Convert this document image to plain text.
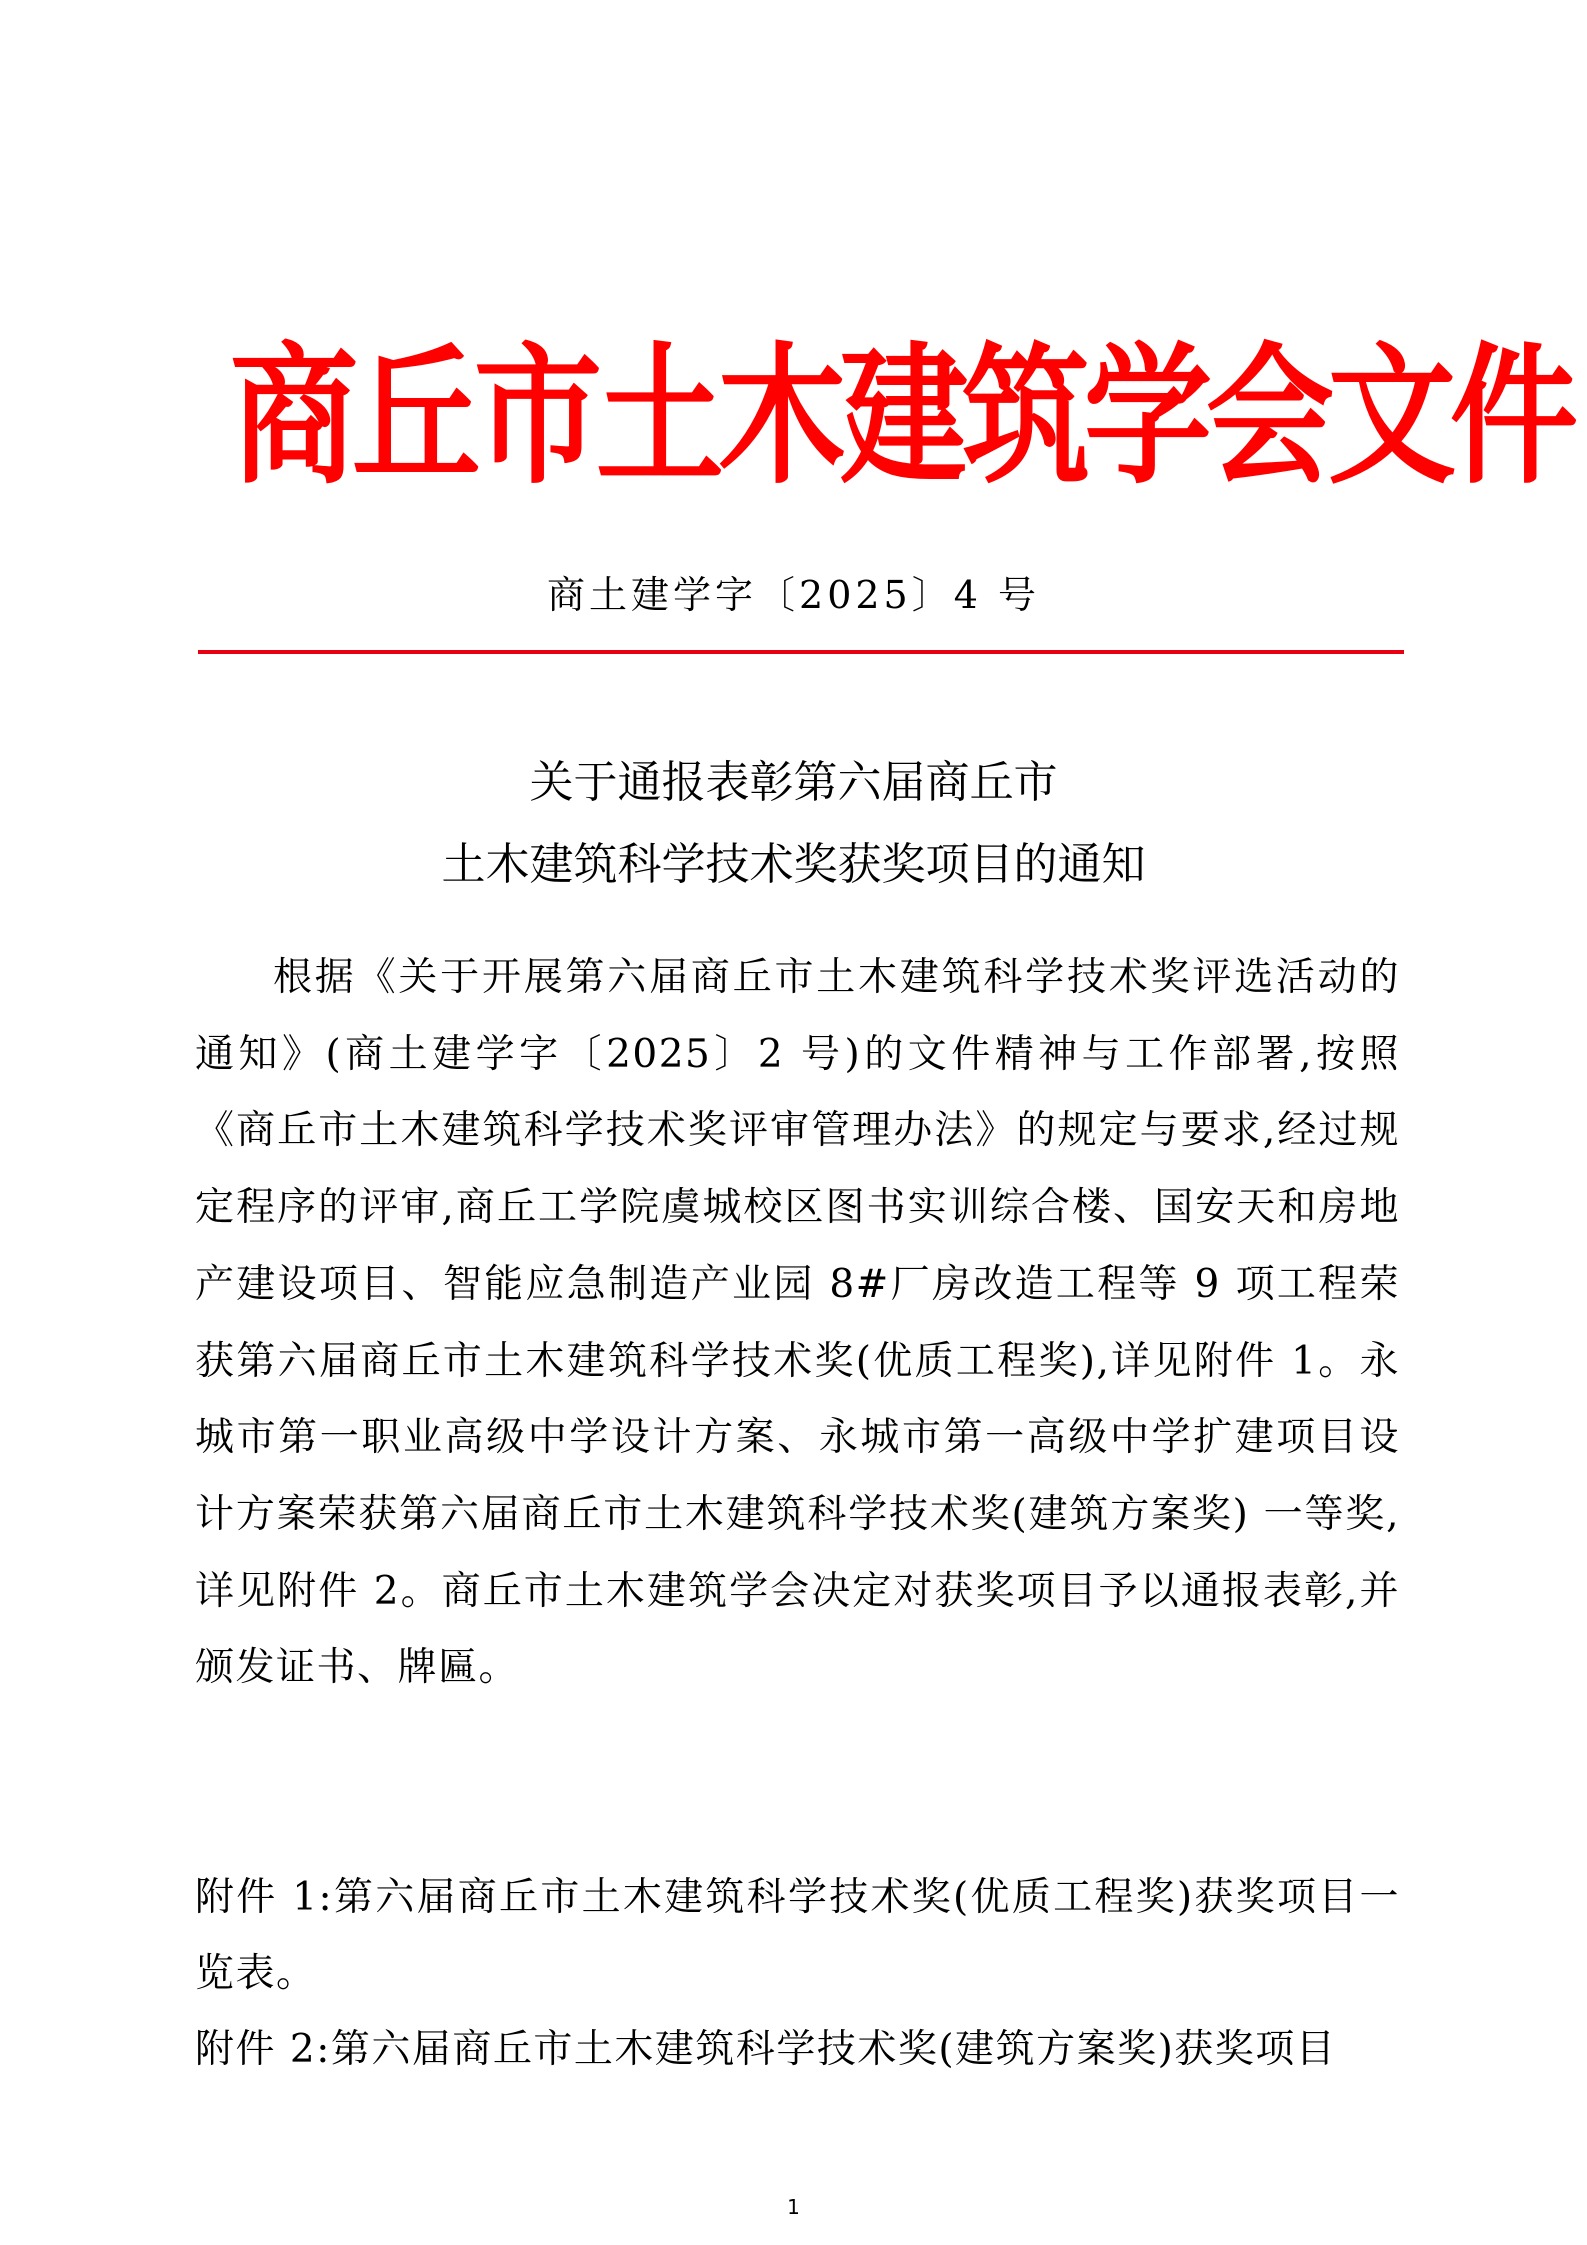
商丘市土木建筑学会文件

商土建学字〔2025〕4 号

关于通报表彰第六届商丘市
土木建筑科学技术奖获奖项目的通知

根据《关于开展第六届商丘市土木建筑科学技术奖评选活动的通知》(商土建学字〔2025〕2 号)的文件精神与工作部署,按照《商丘市土木建筑科学技术奖评审管理办法》的规定与要求,经过规定程序的评审,商丘工学院虞城校区图书实训综合楼、国安天和房地产建设项目、智能应急制造产业园 8#厂房改造工程等 9 项工程荣获第六届商丘市土木建筑科学技术奖(优质工程奖),详见附件 1。永城市第一职业高级中学设计方案、永城市第一高级中学扩建项目设计方案荣获第六届商丘市土木建筑科学技术奖(建筑方案奖) 一等奖,详见附件 2。商丘市土木建筑学会决定对获奖项目予以通报表彰,并颁发证书、牌匾。

附件 1:第六届商丘市土木建筑科学技术奖(优质工程奖)获奖项目一览表。

附件 2:第六届商丘市土木建筑科学技术奖(建筑方案奖)获奖项目

1
